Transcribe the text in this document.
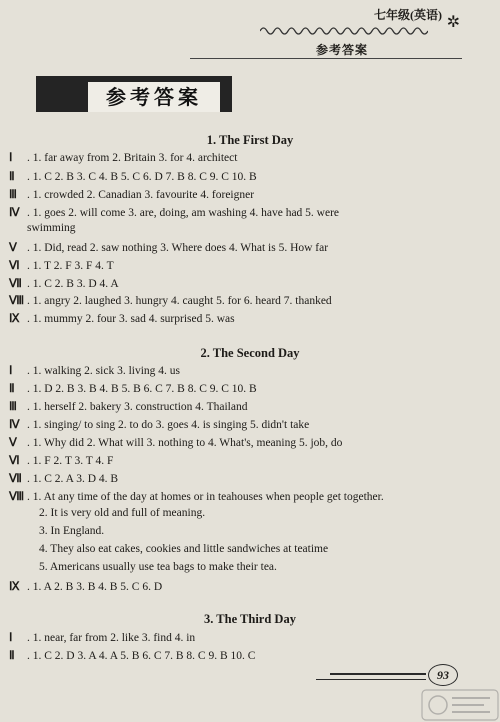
七年级(英语) ✲
参考答案
参考答案
1. The First Day
Ⅰ . 1. far away from 2. Britain 3. for 4. architect
Ⅱ . 1. C 2. B 3. C 4. B 5. C 6. D 7. B 8. C 9. C 10. B
Ⅲ . 1. crowded 2. Canadian 3. favourite 4. foreigner
Ⅳ . 1. goes 2. will come 3. are, doing, am washing 4. have had 5. were
swimming
Ⅴ . 1. Did, read 2. saw nothing 3. Where does 4. What is 5. How far
Ⅵ . 1. T 2. F 3. F 4. T
Ⅶ . 1. C 2. B 3. D 4. A
Ⅷ . 1. angry 2. laughed 3. hungry 4. caught 5. for 6. heard 7. thanked
Ⅸ . 1. mummy 2. four 3. sad 4. surprised 5. was
2. The Second Day
Ⅰ . 1. walking 2. sick 3. living 4. us
Ⅱ . 1. D 2. B 3. B 4. B 5. B 6. C 7. B 8. C 9. C 10. B
Ⅲ . 1. herself 2. bakery 3. construction 4. Thailand
Ⅳ . 1. singing/ to sing 2. to do 3. goes 4. is singing 5. didn't take
Ⅴ . 1. Why did 2. What will 3. nothing to 4. What's, meaning 5. job, do
Ⅵ . 1. F 2. T 3. T 4. F
Ⅶ . 1. C 2. A 3. D 4. B
Ⅷ . 1. At any time of the day at homes or in teahouses when people get together.
2. It is very old and full of meaning.
3. In England.
4. They also eat cakes, cookies and little sandwiches at teatime
5. Americans usually use tea bags to make their tea.
Ⅸ . 1. A 2. B 3. B 4. B 5. C 6. D
3. The Third Day
Ⅰ . 1. near, far from 2. like 3. find 4. in
Ⅱ . 1. C 2. D 3. A 4. A 5. B 6. C 7. B 8. C 9. B 10. C
93
